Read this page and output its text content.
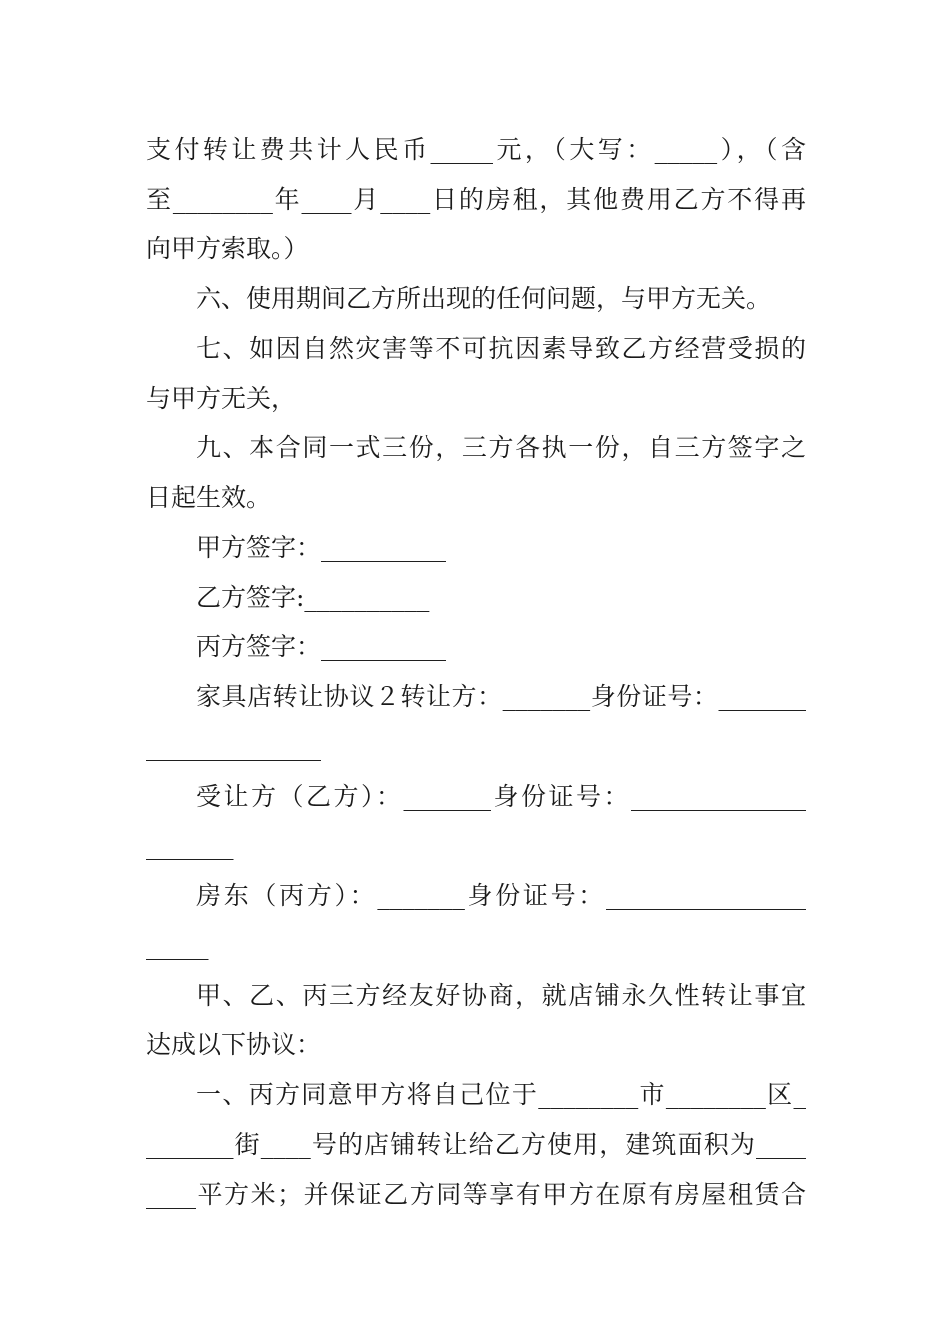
支付转让费共计人民币_____元，（大写：_____），（含
至________年____月____日的房租，其他费用乙方不得再
向甲方索取。）
六、使用期间乙方所出现的任何问题，与甲方无关。
七、如因自然灾害等不可抗因素导致乙方经营受损的
与甲方无关，
九、本合同一式三份，三方各执一份，自三方签字之
日起生效。
甲方签字：__________
乙方签字:__________
丙方签字：__________
家具店转让协议２转让方：_______身份证号：_______
______________
受让方（乙方）：_______身份证号：______________
_______
房东（丙方）：_______身份证号：________________
_____
甲、乙、丙三方经友好协商，就店铺永久性转让事宜
达成以下协议：
一、丙方同意甲方将自己位于________市________区_
_______街____号的店铺转让给乙方使用，建筑面积为____
____平方米；并保证乙方同等享有甲方在原有房屋租赁合
